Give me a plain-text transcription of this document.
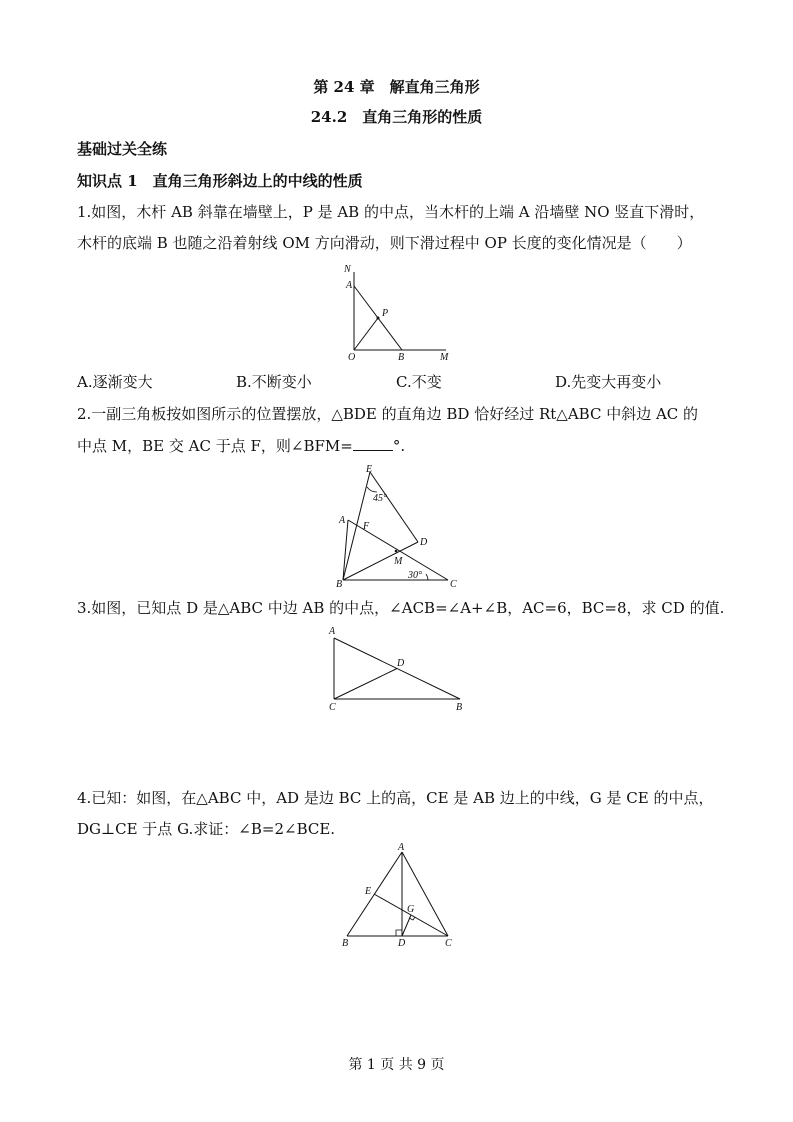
第 24 章　解直角三角形
24.2　直角三角形的性质
基础过关全练
知识点 1　直角三角形斜边上的中线的性质
1.如图，木杆 AB 斜靠在墙壁上，P 是 AB 的中点，当木杆的上端 A 沿墙壁 NO 竖直下滑时，
木杆的底端 B 也随之沿着射线 OM 方向滑动，则下滑过程中 OP 长度的变化情况是（　　）
N
A
P
O	B	M
A.逐渐变大	B.不断变小	C.不变	D.先变大再变小
2.一副三角板按如图所示的位置摆放，△BDE 的直角边 BD 恰好经过 Rt△ABC 中斜边 AC 的
中点 M，BE 交 AC 于点 F，则∠BFM=	°.
E
45°
A
F
D
M
B
30°
C
3.如图，已知点 D 是△ABC 中边 AB 的中点，∠ACB=∠A+∠B，AC=6，BC=8，求 CD 的值.
A
D
C	B
4.已知：如图，在△ABC 中，AD 是边 BC 上的高，CE 是 AB 边上的中线，G 是 CE 的中点，
DG⊥CE 于点 G.求证：∠B=2∠BCE.
A
E
G
B	D	C
第 1 页 共 9 页
